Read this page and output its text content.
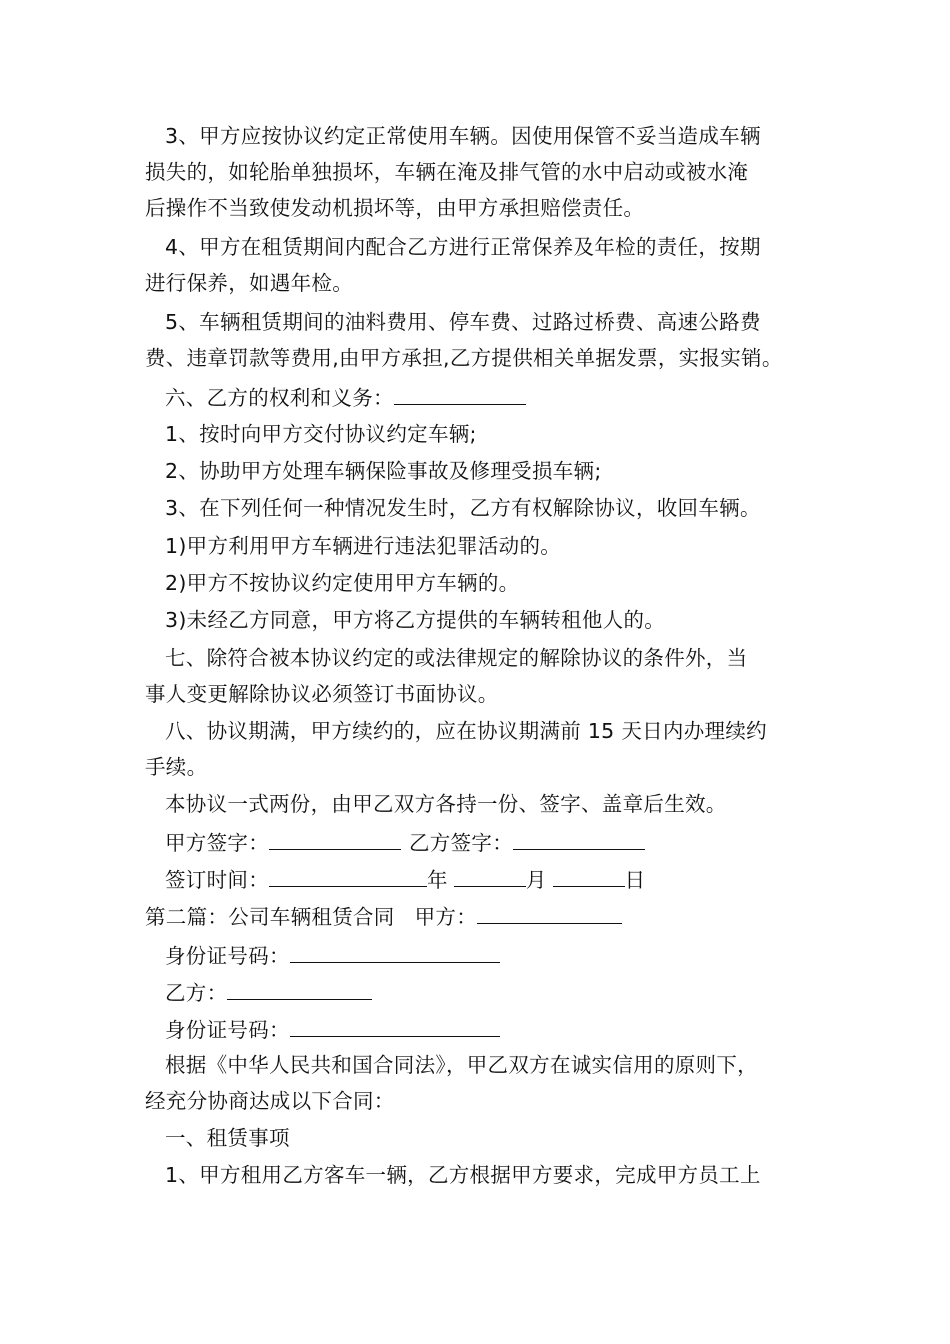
3、甲方应按协议约定正常使用车辆。因使用保管不妥当造成车辆
损失的，如轮胎单独损坏，车辆在淹及排气管的水中启动或被水淹
后操作不当致使发动机损坏等，由甲方承担赔偿责任。
4、甲方在租赁期间内配合乙方进行正常保养及年检的责任，按期
进行保养，如遇年检。
5、车辆租赁期间的油料费用、停车费、过路过桥费、高速公路费
费、违章罚款等费用,由甲方承担,乙方提供相关单据发票，实报实销。
六、乙方的权利和义务：
1、按时向甲方交付协议约定车辆;
2、协助甲方处理车辆保险事故及修理受损车辆;
3、在下列任何一种情况发生时，乙方有权解除协议，收回车辆。
1)甲方利用甲方车辆进行违法犯罪活动的。
2)甲方不按协议约定使用甲方车辆的。
3)未经乙方同意，甲方将乙方提供的车辆转租他人的。
七、除符合被本协议约定的或法律规定的解除协议的条件外，当
事人变更解除协议必须签订书面协议。
八、协议期满，甲方续约的，应在协议期满前 15 天日内办理续约
手续。
本协议一式两份，由甲乙双方各持一份、签字、盖章后生效。
甲方签字：	乙方签字：
签订时间：	年	月	日
第二篇：公司车辆租赁合同 甲方：
身份证号码：
乙方：
身份证号码：
根据《中华人民共和国合同法》，甲乙双方在诚实信用的原则下，
经充分协商达成以下合同：
一、租赁事项
1、甲方租用乙方客车一辆，乙方根据甲方要求，完成甲方员工上
